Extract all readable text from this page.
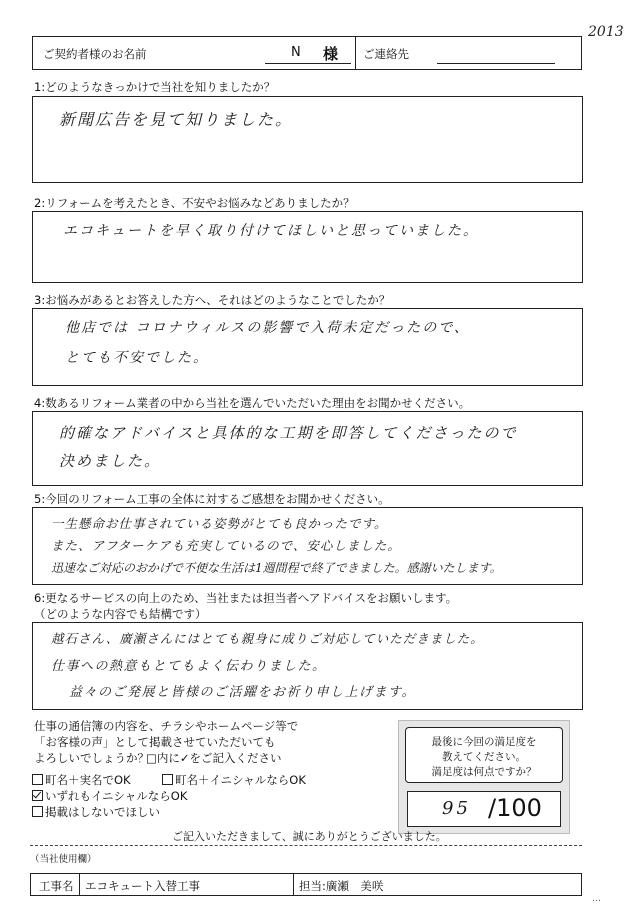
2013
ご契約者様のお名前	N 様 ご連絡先
1:どのようなきっかけで当社を知りましたか？
新聞広告を見て知りました。
2:リフォームを考えたとき、不安やお悩みなどありましたか？
エコキュートを早く取り付けてほしいと思っていました。
3:お悩みがあるとお答えした方へ、それはどのようなことでしたか？
他店では コロナウィルスの影響で入荷未定だったので、
とても不安でした。
4:数あるリフォーム業者の中から当社を選んでいただいた理由をお聞かせください。
的確なアドバイスと具体的な工期を即答してくださったので
決めました。
5:今回のリフォーム工事の全体に対するご感想をお聞かせください。
一生懸命お仕事されている姿勢がとても良かったです。
また、アフターケアも充実しているので、安心しました。
迅速なご対応のおかげで不便な生活は1週間程で終了できました。感謝いたします。
6:更なるサービスの向上のため、当社または担当者へアドバイスをお願いします。
（どのような内容でも結構です）
越石さん、廣瀬さんにはとても親身に成りご対応していただきました。
仕事への熱意もとてもよく伝わりました。
益々のご発展と皆様のご活躍をお祈り申し上げます。
仕事の通信簿の内容を、チラシやホームページ等で
「お客様の声」として掲載させていただいても
よろしいでしょうか？
□内に✓をご記入ください
町名＋実名でOK	町名＋イニシャルならOK
いずれもイニシャルならOK
掲載はしないでほしい
最後に今回の満足度を
教えてください。
満足度は何点ですか？
95 /100
ご記入いただきまして、誠にありがとうございました。
（当社使用欄）
工事名 エコキュート入替工事	担当:廣瀬　美咲
…
